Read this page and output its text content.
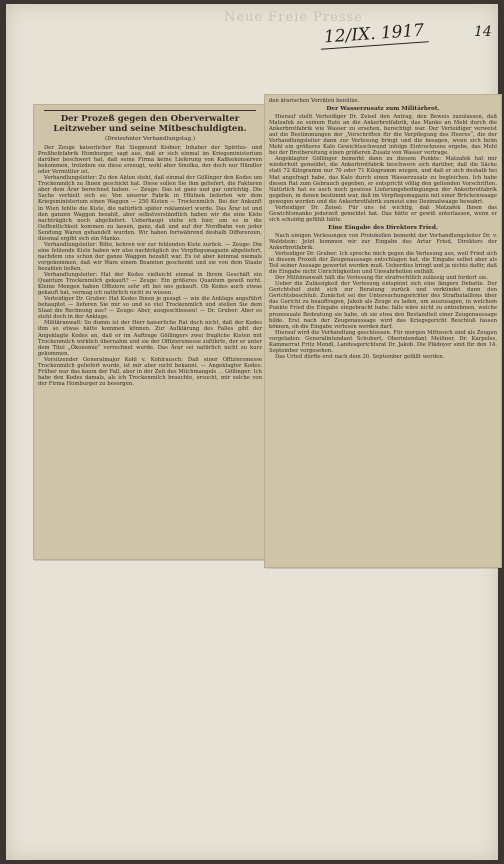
Neue Freie Presse
12/IX. 1917	14
Der Prozeß gegen den Oberverwalter Leitzweber und seine Mitbeschuldigten.
(Dreizehnter Verhandlungstag.)

Der Zeuge kaiserlicher Rat Siegmund Kodner, Inhaber der Spiritus- und Preßhefefabrik Homburger, sagt aus, daß er sich einmal im Kriegsministerium darüber beschwert hat, daß seine Firma keine Lieferung von Kaffeekonserven bekommen, trotzdem sie diese erzeugt, wohl aber Smolka, der doch nur Händler oder Vermittler ist.

Verhandlungsleiter: Zu den Akten steht, daß einmal der Göllinger den Kodes um Trockenmilch zu Ihnen geschickt hat. Diese sollen Sie ihm geliefert, die Fakturen aber dem Ärar berechnet haben. — Zeuge: Das ist ganz und gar unrichtig. Die Sache verhielt sich so: Von unserer Fabrik in Hfulnek lieferten wir dem Kriegsministerium einen Waggon — 250 Kisten — Trockenmilch. Bei der Ankunft in Wien fehlte die Kiste, die natürlich später reklamiert wurde. Das Ärar ist und den ganzen Waggon bezahlt, aber selbstverständlich haben wir die eine Kiste nachträglich noch abgeliefert. Ueberhaupt stehe ich hier, um es in die Oeffentlichkeit kommen zu lassen, ganz, daß und auf der Nordbahn von jeder Sendung Waren gehandelt wurden. Wir haben fortwährend deshalb Differenzen, diesmal ergibt sich ein Manko.

Verhandlungsleiter: Bitte, kehren wir zur fehlenden Kiste zurück. — Zeuge: Die eine fehlende Kiste haben wir also nachträglich ins Verpflegsmagazin abgeliefert, nachdem uns schon der ganze Waggon bezahlt war. Es ist aber keinmal niemals vorgekommen, daß wir Ware einem Beamten geschenkt und sie von dem Staate bezahlen ließen.

Verhandlungsleiter: Hat der Kodes vielleicht einmal in Ihrem Geschäft ein Quantum Trockenmilch gekauft? — Zeuge: Ein größeres Quantum gewiß nicht. Kleine Mengen haben Offiziere sehr oft bei uns gekauft. Ob Kodes auch etwas gekauft hat, vermag ich natürlich nicht zu wissen.

Verteidiger Dr. Gruber: Hat Kodes Ihnen je gesagt — wie die Anklage angeführt behauptet — lieferen Sie mir so und so viel Trockenmilch und stellen Sie dem Staat die Rechnung aus? — Zeuge: Aber, ausgeschlossen! — Dr. Gruber: Aber es steht doch in der Anklage.

Militäranwalt: So dumm ist der Herr kaiserliche Rat doch nicht, daß der Kodes ihm so etwas hätte kommen können. Zur Aufklärung des Falles gibt der Angeklagte Kodes an, daß er im Auftrage Göllingers zwei fragliche Kisten mit Trockenmilch wirklich übernahm und sie der Offiziersmesse zuführte, der er unter dem Titel „Ökonomie“ verrechnet wurde. Das Ärar sei natürlich nicht zu kurz gekommen.

Vorsitzender Generalmajor Kohl v. Kohlrausch: Daß einer Offiziersmesse Trockenmilch geliefert wurde, ist mir aber nicht bekannt. — Angeklagter Kodes: Früher war das kaum der Fall, aber in der Zeit des Milchmangels ... Göllinger: Ich habe den Kodes damals, als ich Trockenmilch brauchte, ersucht, mir solche von der Firma Homburger zu besorgen.

den ärarischen Vorräten benütze.

Der Wasserzusatz zum Militärbrot.

Hierauf stellt Verteidiger Dr. Zeisel den Antrag, den Beweis zuzulassen, daß Matzafek zu seinem Rate an die Ankerbrotfabrik, das Manko an Mehl durch die Ankerbrotfabrik wie Wasser zu ersehen, berechtigt war. Der Verteidiger verweist auf die Bestimmungen der „Vorschriften für die Verpflegung des Heeres“, die der Verhandlungsleiter dann zur Verlesung bringt und die besagen, wenn sich beim Mehl ein größeres Kalo Gewichtsschwund infolge Eintrocknens ergebe, das Mehl bei der Brotbereitung einen größeren Zusatz von Wasser vertrage.

Angeklagter Göllinger bemerkt dann zu diesem Punkte: Matzafek hat mir wiederholt gemeldet, die Ankerbrotfabrik beschwere sich darüber, daß die Säcke statt 72 Kilogramm nur 70 oder 71 Kilogramm wiegen, und daß er sich deshalb bei Mat angefragt habe, das Kalo durch einen Wasserzusatz zu begleichen. Ich habe diesen Rat zum Gebrauch gegeben, er entspricht völlig den geltenden Vorschriften. Natürlich hat es auch noch gewisse Lieferungsbedingungen der Ankerbrotfabrik gegeben, in denen bestimmt war, daß im Verpflegsmagazin mit einer Brückenwaage gewogen werden und die Ankerbrotfabrik zumeist eine Dezimalwaage bewahrt.

Verteidiger Dr. Zeisel: Für uns ist wichtig, daß Matzafek Ihnen das Gewichtsmanko jederzeit gemeldet hat. Das hätte er gewiß unterlassen, wenn er sich schuldig gefühlt hätte.

Eine Eingabe des Direktors Fried.

Nach einigen Verlesungen von Protokollen bemerkt der Verhandlungsleiter Dr. v. Waldstein: Jetzt kommen wir zur Eingabe des Artur Fried, Direktors der Ankerbrotfabrik.

Verteidiger Dr. Gruber: Ich spreche mich gegen die Verlesung aus, weil Fried sich in diesem Prozeß der Zeugenaussage entschlagen hat, die Eingabe selbst aber als Teil seiner Aussage gewertet werden muß. Ueberdies bringt und ja nichts dafür, daß die Eingabe nicht Unrichtigkeiten und Unwahrheiten enthält.

Der Militäranwalt hält die Verlesung für strafrechtlich zulässig und fordert sie.

Ueber die Zulässigkeit der Verlesung entspinnt sich eine längere Debatte. Der Gerichtshof zieht sich zur Beratung zurück und verkündet dann den Gerichtsbeschluß: Zunächst sei der Untersuchungsrichter des Strafbataillons über das Gericht zu beauftragen, Jakob als Zeuge zu laden, um auszusagen, in welchem Punkte Fried die Eingabe eingebracht habe; falls wäre nicht zu entnehmen, welche prozessuale Bedeutung sie habe, ob sie etwa den Bestandteil einer Zeugenaussage bilde. Erst nach der Zeugenaussage wird das Kriegsgericht Beschluß fassen können, ob die Eingabe verlesen werden darf.

Hierauf wird die Verhandlung geschlossen. Für morgen Mittwoch sind als Zeugen vorgeladen: Generalintendant Schubert, Oberintendant Meißner, Dr. Karpeles, Kammerrat Fritz Mendl, Landesgerichtsrat Dr. Jakob. Die Plädoyer sind für den 14. September vorgesehen.

Das Urteil dürfte erst nach dem 20. September gefällt werden.
